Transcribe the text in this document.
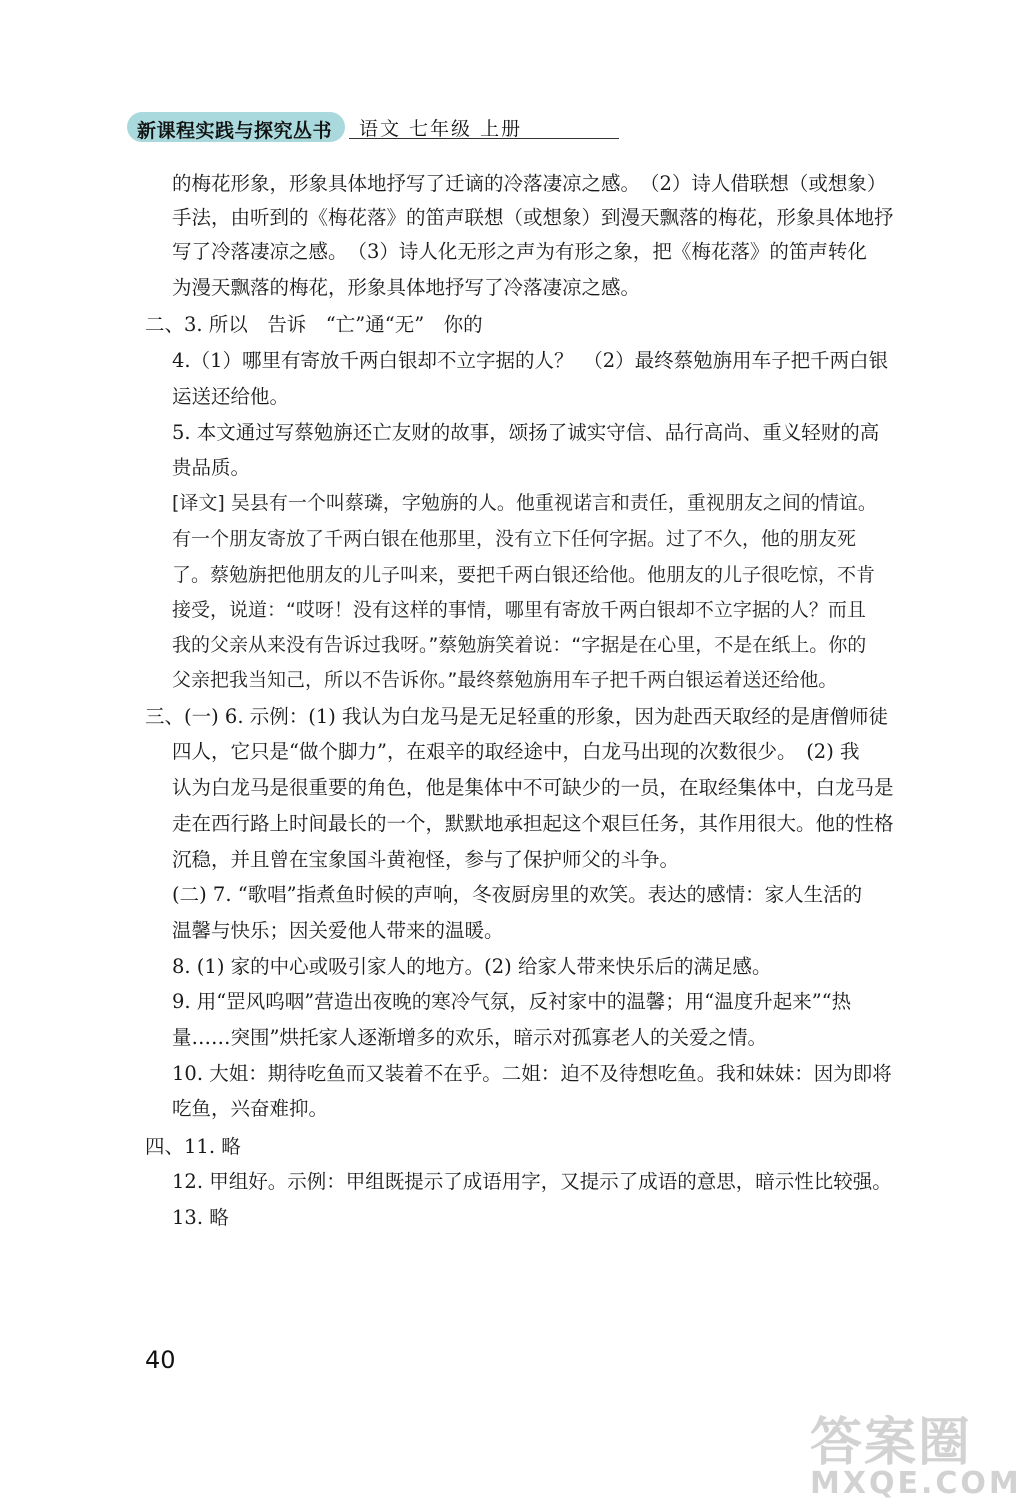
新课程实践与探究丛书 语文 七年级 上册
的梅花形象，形象具体地抒写了迁谪的冷落凄凉之感。　（2）诗人借联想（或想象）
手法，由听到的《梅花落》的笛声联想（或想象）到漫天飘落的梅花，形象具体地抒
写了冷落凄凉之感。　（3）诗人化无形之声为有形之象，把《梅花落》的笛声转化
为漫天飘落的梅花，形象具体地抒写了冷落凄凉之感。
二、3. 所以　告诉　“亡”通“无”　你的
4.（1）哪里有寄放千两白银却不立字据的人？　（2）最终蔡勉旃用车子把千两白银
运送还给他。
5. 本文通过写蔡勉旃还亡友财的故事，颂扬了诚实守信、品行高尚、重义轻财的高
贵品质。
[译文] 吴县有一个叫蔡璘，字勉旃的人。他重视诺言和责任，重视朋友之间的情谊。
有一个朋友寄放了千两白银在他那里，没有立下任何字据。过了不久，他的朋友死
了。蔡勉旃把他朋友的儿子叫来，要把千两白银还给他。他朋友的儿子很吃惊，不肯
接受，说道：“哎呀！没有这样的事情，哪里有寄放千两白银却不立字据的人？而且
我的父亲从来没有告诉过我呀。”蔡勉旃笑着说：“字据是在心里，不是在纸上。你的
父亲把我当知己，所以不告诉你。”最终蔡勉旃用车子把千两白银运着送还给他。
三、(一) 6. 示例：(1) 我认为白龙马是无足轻重的形象，因为赴西天取经的是唐僧师徒
四人，它只是“做个脚力”，在艰辛的取经途中，白龙马出现的次数很少。　(2) 我
认为白龙马是很重要的角色，他是集体中不可缺少的一员，在取经集体中，白龙马是
走在西行路上时间最长的一个，默默地承担起这个艰巨任务，其作用很大。他的性格
沉稳，并且曾在宝象国斗黄袍怪，参与了保护师父的斗争。
(二) 7. “歌唱”指煮鱼时候的声响，冬夜厨房里的欢笑。表达的感情：家人生活的
温馨与快乐；因关爱他人带来的温暖。
8. (1) 家的中心或吸引家人的地方。(2) 给家人带来快乐后的满足感。
9. 用“罡风呜咽”营造出夜晚的寒冷气氛，反衬家中的温馨；用“温度升起来”“热
量……突围”烘托家人逐渐增多的欢乐，暗示对孤寡老人的关爱之情。
10. 大姐：期待吃鱼而又装着不在乎。二姐：迫不及待想吃鱼。我和妹妹：因为即将
吃鱼，兴奋难抑。
四、11. 略
12. 甲组好。示例：甲组既提示了成语用字，又提示了成语的意思，暗示性比较强。
13. 略
40
答案圈
MXQE.COM
